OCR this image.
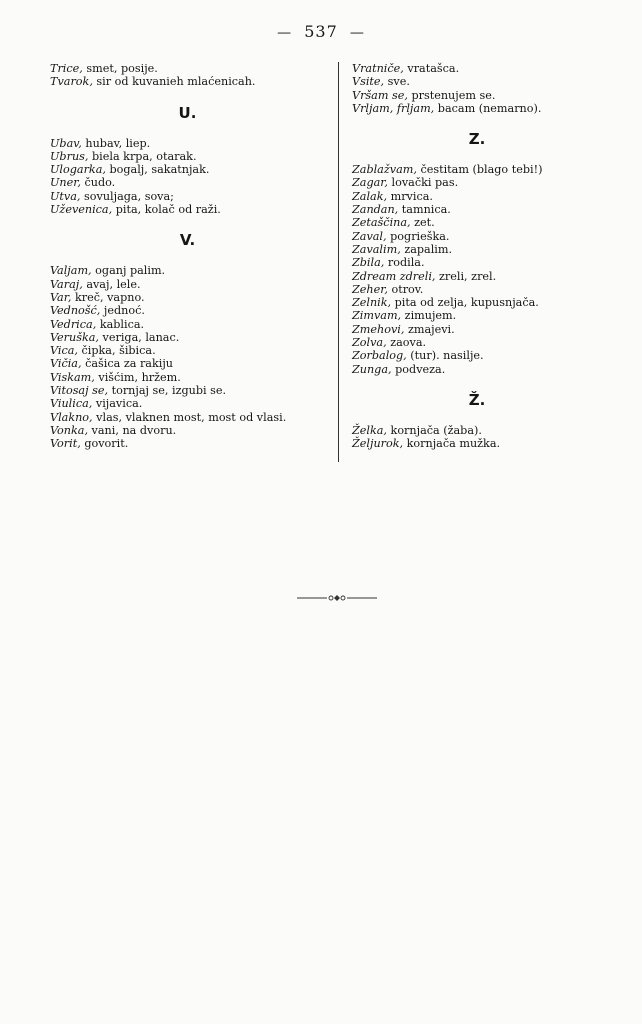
— 537 —
Trice, smet, posije.
Tvarok, sir od kuvanieh mlaćenicah.
U.
Ubav, hubav, liep.
Ubrus, biela krpa, otarak.
Ulogarka, bogalj, sakatnjak.
Uner, čudo.
Utva, sovuljaga, sova;
Uževenica, pita, kolač od raži.
V.
Valjam, oganj palim.
Varaj, avaj, lele.
Var, kreč, vapno.
Vednošć, jednoć.
Vedrica, kablica.
Veruška, veriga, lanac.
Vica, čipka, šibica.
Vičia, čašica za rakiju
Viskam, višćim, hržem.
Vitosaj se, tornjaj se, izgubi se.
Viulica, vijavica.
Vlakno, vlas, vlaknen most, most od vlasi.
Vonka, vani, na dvoru.
Vorit, govorit.
Vratniče, vratašca.
Vsite, sve.
Vršam se, prstenujem se.
Vrljam, frljam, bacam (nemarno).
Z.
Zablažvam, čestitam (blago tebi!)
Zagar, lovački pas.
Zalak, mrvica.
Zandan, tamnica.
Zetaščina, zet.
Zaval, pogrieška.
Zavalim, zapalim.
Zbila, rodila.
Zdream zdreli, zreli, zrel.
Zeher, otrov.
Zelnik, pita od zelja, kupusnjača.
Zimvam, zimujem.
Zmehovi, zmajevi.
Zolva, zaova.
Zorbalog, (tur). nasilje.
Zunga, podveza.
Ž.
Želka, kornjača (žaba).
Željurok, kornjača mužka.
